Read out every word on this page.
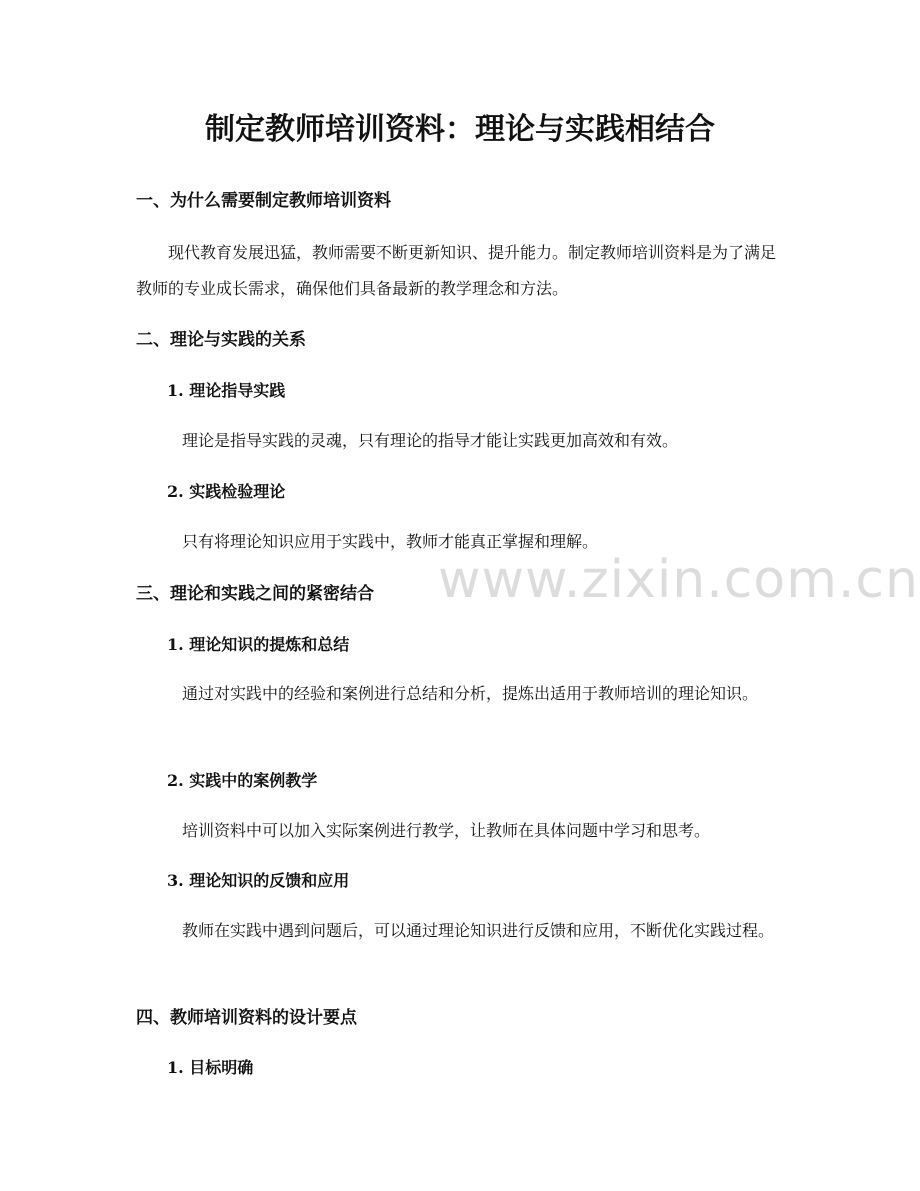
制定教师培训资料：理论与实践相结合
一、为什么需要制定教师培训资料

现代教育发展迅猛，教师需要不断更新知识、提升能力。制定教师培训资料是为了满足教师的专业成长需求，确保他们具备最新的教学理念和方法。

二、理论与实践的关系
1. 理论指导实践

理论是指导实践的灵魂，只有理论的指导才能让实践更加高效和有效。

2. 实践检验理论

只有将理论知识应用于实践中，教师才能真正掌握和理解。

三、理论和实践之间的紧密结合
1. 理论知识的提炼和总结

通过对实践中的经验和案例进行总结和分析，提炼出适用于教师培训的理论知识。

2. 实践中的案例教学

培训资料中可以加入实际案例进行教学，让教师在具体问题中学习和思考。

3. 理论知识的反馈和应用

教师在实践中遇到问题后，可以通过理论知识进行反馈和应用，不断优化实践过程。

四、教师培训资料的设计要点
1. 目标明确
www.zixin.com.cn
